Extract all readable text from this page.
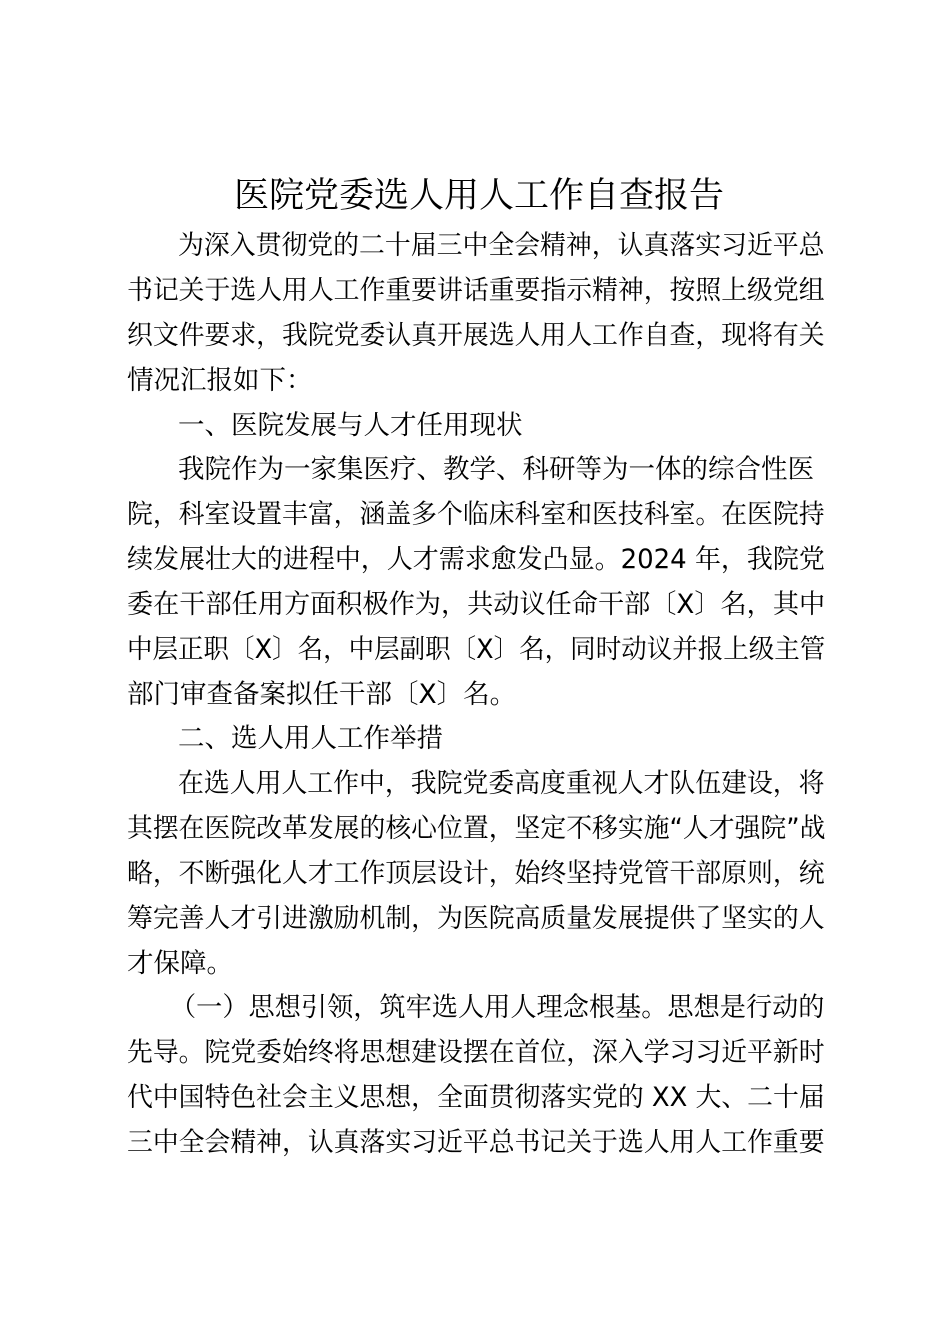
医院党委选人用人工作自查报告

为深入贯彻党的二十届三中全会精神，认真落实习近平总

书记关于选人用人工作重要讲话重要指示精神，按照上级党组

织文件要求，我院党委认真开展选人用人工作自查，现将有关

情况汇报如下：

一、医院发展与人才任用现状

我院作为一家集医疗、教学、科研等为一体的综合性医

院，科室设置丰富，涵盖多个临床科室和医技科室。在医院持

续发展壮大的进程中，人才需求愈发凸显。2024 年，我院党

委在干部任用方面积极作为，共动议任命干部〔X〕名，其中

中层正职〔X〕名，中层副职〔X〕名，同时动议并报上级主管

部门审查备案拟任干部〔X〕名。

二、选人用人工作举措

在选人用人工作中，我院党委高度重视人才队伍建设，将

其摆在医院改革发展的核心位置，坚定不移实施“人才强院”战

略，不断强化人才工作顶层设计，始终坚持党管干部原则，统

筹完善人才引进激励机制，为医院高质量发展提供了坚实的人

才保障。

（一）思想引领，筑牢选人用人理念根基。思想是行动的

先导。院党委始终将思想建设摆在首位，深入学习习近平新时

代中国特色社会主义思想，全面贯彻落实党的 XX 大、二十届

三中全会精神，认真落实习近平总书记关于选人用人工作重要
